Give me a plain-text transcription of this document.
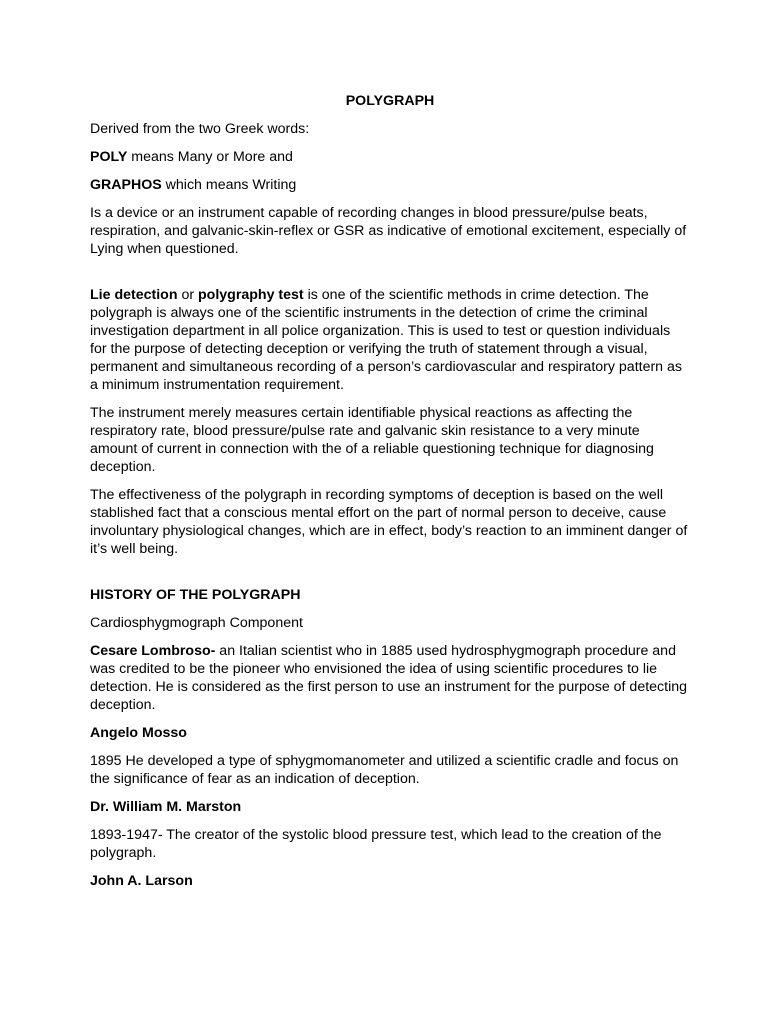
POLYGRAPH

Derived from the two Greek words:

POLY means Many or More and

GRAPHOS which means Writing

Is a device or an instrument capable of recording changes in blood pressure/pulse beats, respiration, and galvanic-skin-reflex or GSR as indicative of emotional excitement, especially of Lying when questioned.

Lie detection or polygraphy test is one of the scientific methods in crime detection. The polygraph is always one of the scientific instruments in the detection of crime the criminal investigation department in all police organization. This is used to test or question individuals for the purpose of detecting deception or verifying the truth of statement through a visual, permanent and simultaneous recording of a person’s cardiovascular and respiratory pattern as a minimum instrumentation requirement.

The instrument merely measures certain identifiable physical reactions as affecting the respiratory rate, blood pressure/pulse rate and galvanic skin resistance to a very minute amount of current in connection with the of a reliable questioning technique for diagnosing deception.

The effectiveness of the polygraph in recording symptoms of deception is based on the well stablished fact that a conscious mental effort on the part of normal person to deceive, cause involuntary physiological changes, which are in effect, body’s reaction to an imminent danger of it’s well being.

HISTORY OF THE POLYGRAPH

Cardiosphygmograph Component

Cesare Lombroso- an Italian scientist who in 1885 used hydrosphygmograph procedure and was credited to be the pioneer who envisioned the idea of using scientific procedures to lie detection. He is considered as the first person to use an instrument for the purpose of detecting deception.

Angelo Mosso

1895 He developed a type of sphygmomanometer and utilized a scientific cradle and focus on the significance of fear as an indication of deception.

Dr. William M. Marston

1893-1947- The creator of the systolic blood pressure test, which lead to the creation of the polygraph.

John A. Larson
